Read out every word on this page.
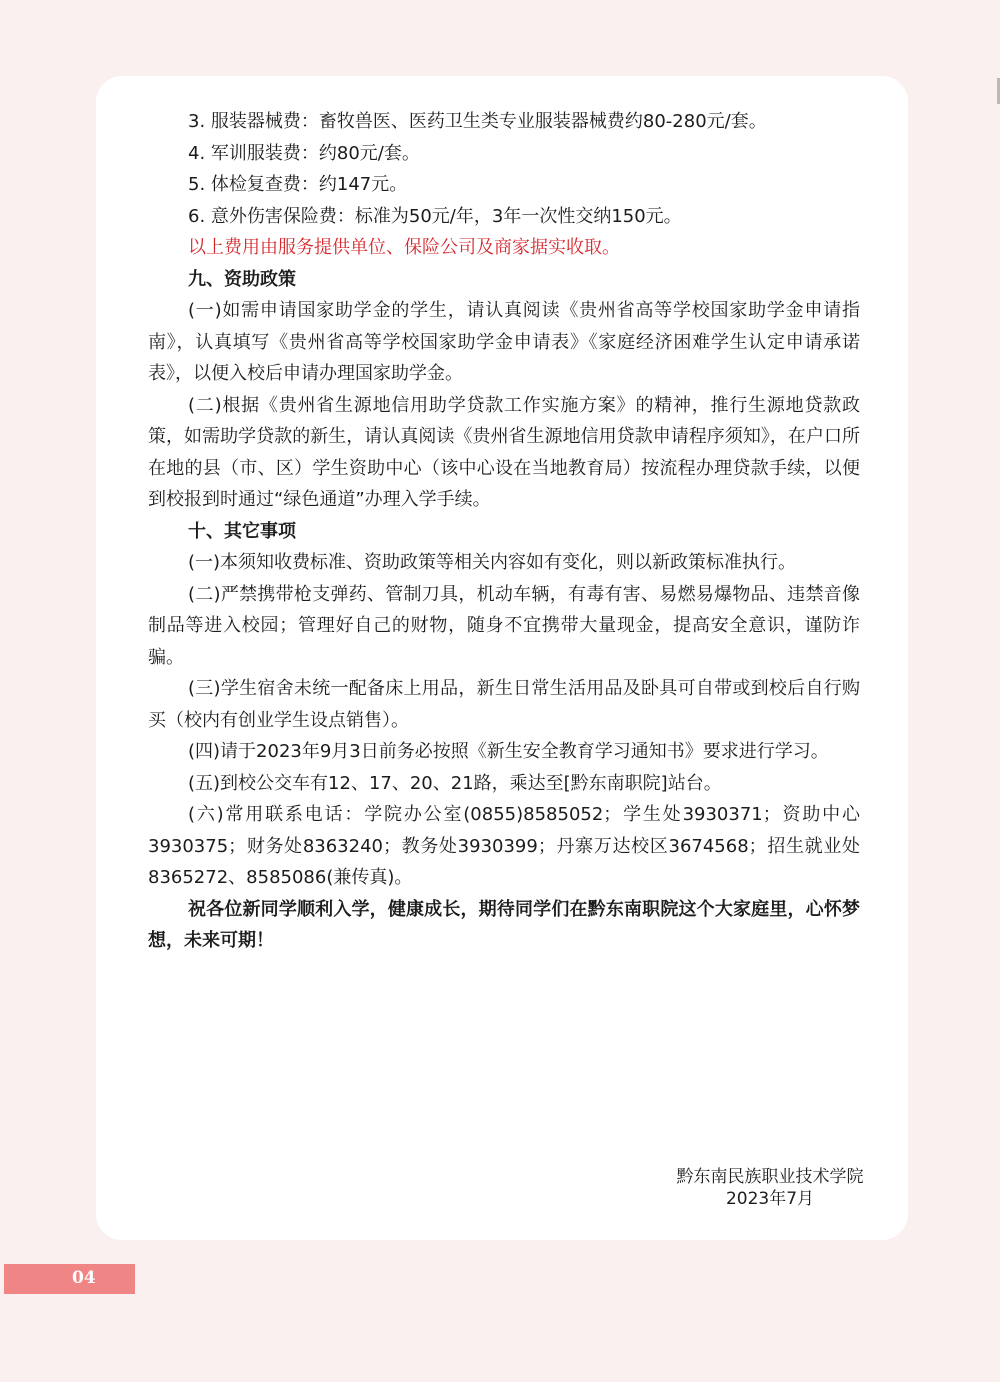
3. 服装器械费：畜牧兽医、医药卫生类专业服装器械费约80-280元/套。

4. 军训服装费：约80元/套。

5. 体检复查费：约147元。

6. 意外伤害保险费：标准为50元/年，3年一次性交纳150元。

以上费用由服务提供单位、保险公司及商家据实收取。

九、资助政策

(一)如需申请国家助学金的学生，请认真阅读《贵州省高等学校国家助学金申请指南》，认真填写《贵州省高等学校国家助学金申请表》《家庭经济困难学生认定申请承诺表》，以便入校后申请办理国家助学金。

(二)根据《贵州省生源地信用助学贷款工作实施方案》的精神，推行生源地贷款政策，如需助学贷款的新生，请认真阅读《贵州省生源地信用贷款申请程序须知》，在户口所在地的县（市、区）学生资助中心（该中心设在当地教育局）按流程办理贷款手续，以便到校报到时通过“绿色通道”办理入学手续。

十、其它事项

(一)本须知收费标准、资助政策等相关内容如有变化，则以新政策标准执行。

(二)严禁携带枪支弹药、管制刀具，机动车辆，有毒有害、易燃易爆物品、违禁音像制品等进入校园；管理好自己的财物，随身不宜携带大量现金，提高安全意识，谨防诈骗。

(三)学生宿舍未统一配备床上用品，新生日常生活用品及卧具可自带或到校后自行购买（校内有创业学生设点销售）。

(四)请于2023年9月3日前务必按照《新生安全教育学习通知书》要求进行学习。

(五)到校公交车有12、17、20、21路，乘达至[黔东南职院]站台。

(六)常用联系电话：学院办公室(0855)8585052；学生处3930371；资助中心3930375；财务处8363240；教务处3930399；丹寨万达校区3674568；招生就业处8365272、8585086(兼传真)。

祝各位新同学顺利入学，健康成长，期待同学们在黔东南职院这个大家庭里，心怀梦想，未来可期！

黔东南民族职业技术学院
2023年7月
04
